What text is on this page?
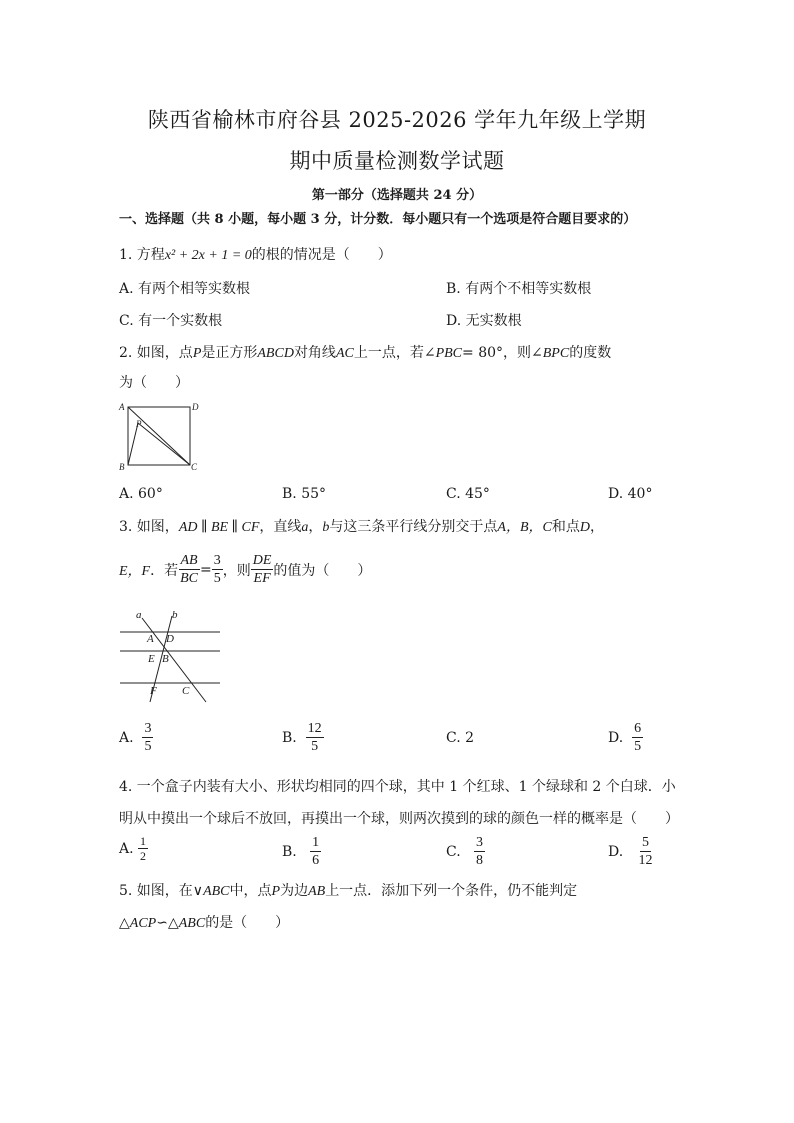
陕西省榆林市府谷县 2025-2026 学年九年级上学期
期中质量检测数学试题
第一部分（选择题共 24 分）
一、选择题（共 8 小题，每小题 3 分，计分数．每小题只有一个选项是符合题目要求的）
1. 方程x² + 2x + 1 = 0的根的情况是（　　）
A. 有两个相等实数根	B. 有两个不相等实数根
C. 有一个实数根	D. 无实数根
2. 如图，点P是正方形ABCD对角线AC上一点，若∠PBC= 80°，则∠BPC的度数
为（　　）
A	D
P
B	C
A. 60°	B. 55°	C. 45°	D. 40°
3. 如图，AD ∥ BE ∥ CF，直线a，b与这三条平行线分别交于点A，B，C和点D，
E，F ．若 $\frac{AB}{BC} = \frac{3}{5}$ ，则 $\frac{DE}{EF}$ 的值为（　　）
a	b
A D
E B
F C
A.
$\frac{3}{5}$	B.
$\frac{12}{5}$	C. 2	D.
$\frac{6}{5}$
4. 一个盒子内装有大小、形状均相同的四个球，其中 1 个红球、1 个绿球和 2 个白球．小
明从中摸出一个球后不放回，再摸出一个球，则两次摸到的球的颜色一样的概率是（　　）
A.
$\frac{1}{2}$	B.
$\frac{1}{6}$	C.
$\frac{3}{8}$	D.
$\frac{5}{12}$
5. 如图，在∨ABC中，点P为边AB上一点．添加下列一个条件，仍不能判定
△ACP∽△ABC的是（　　）
